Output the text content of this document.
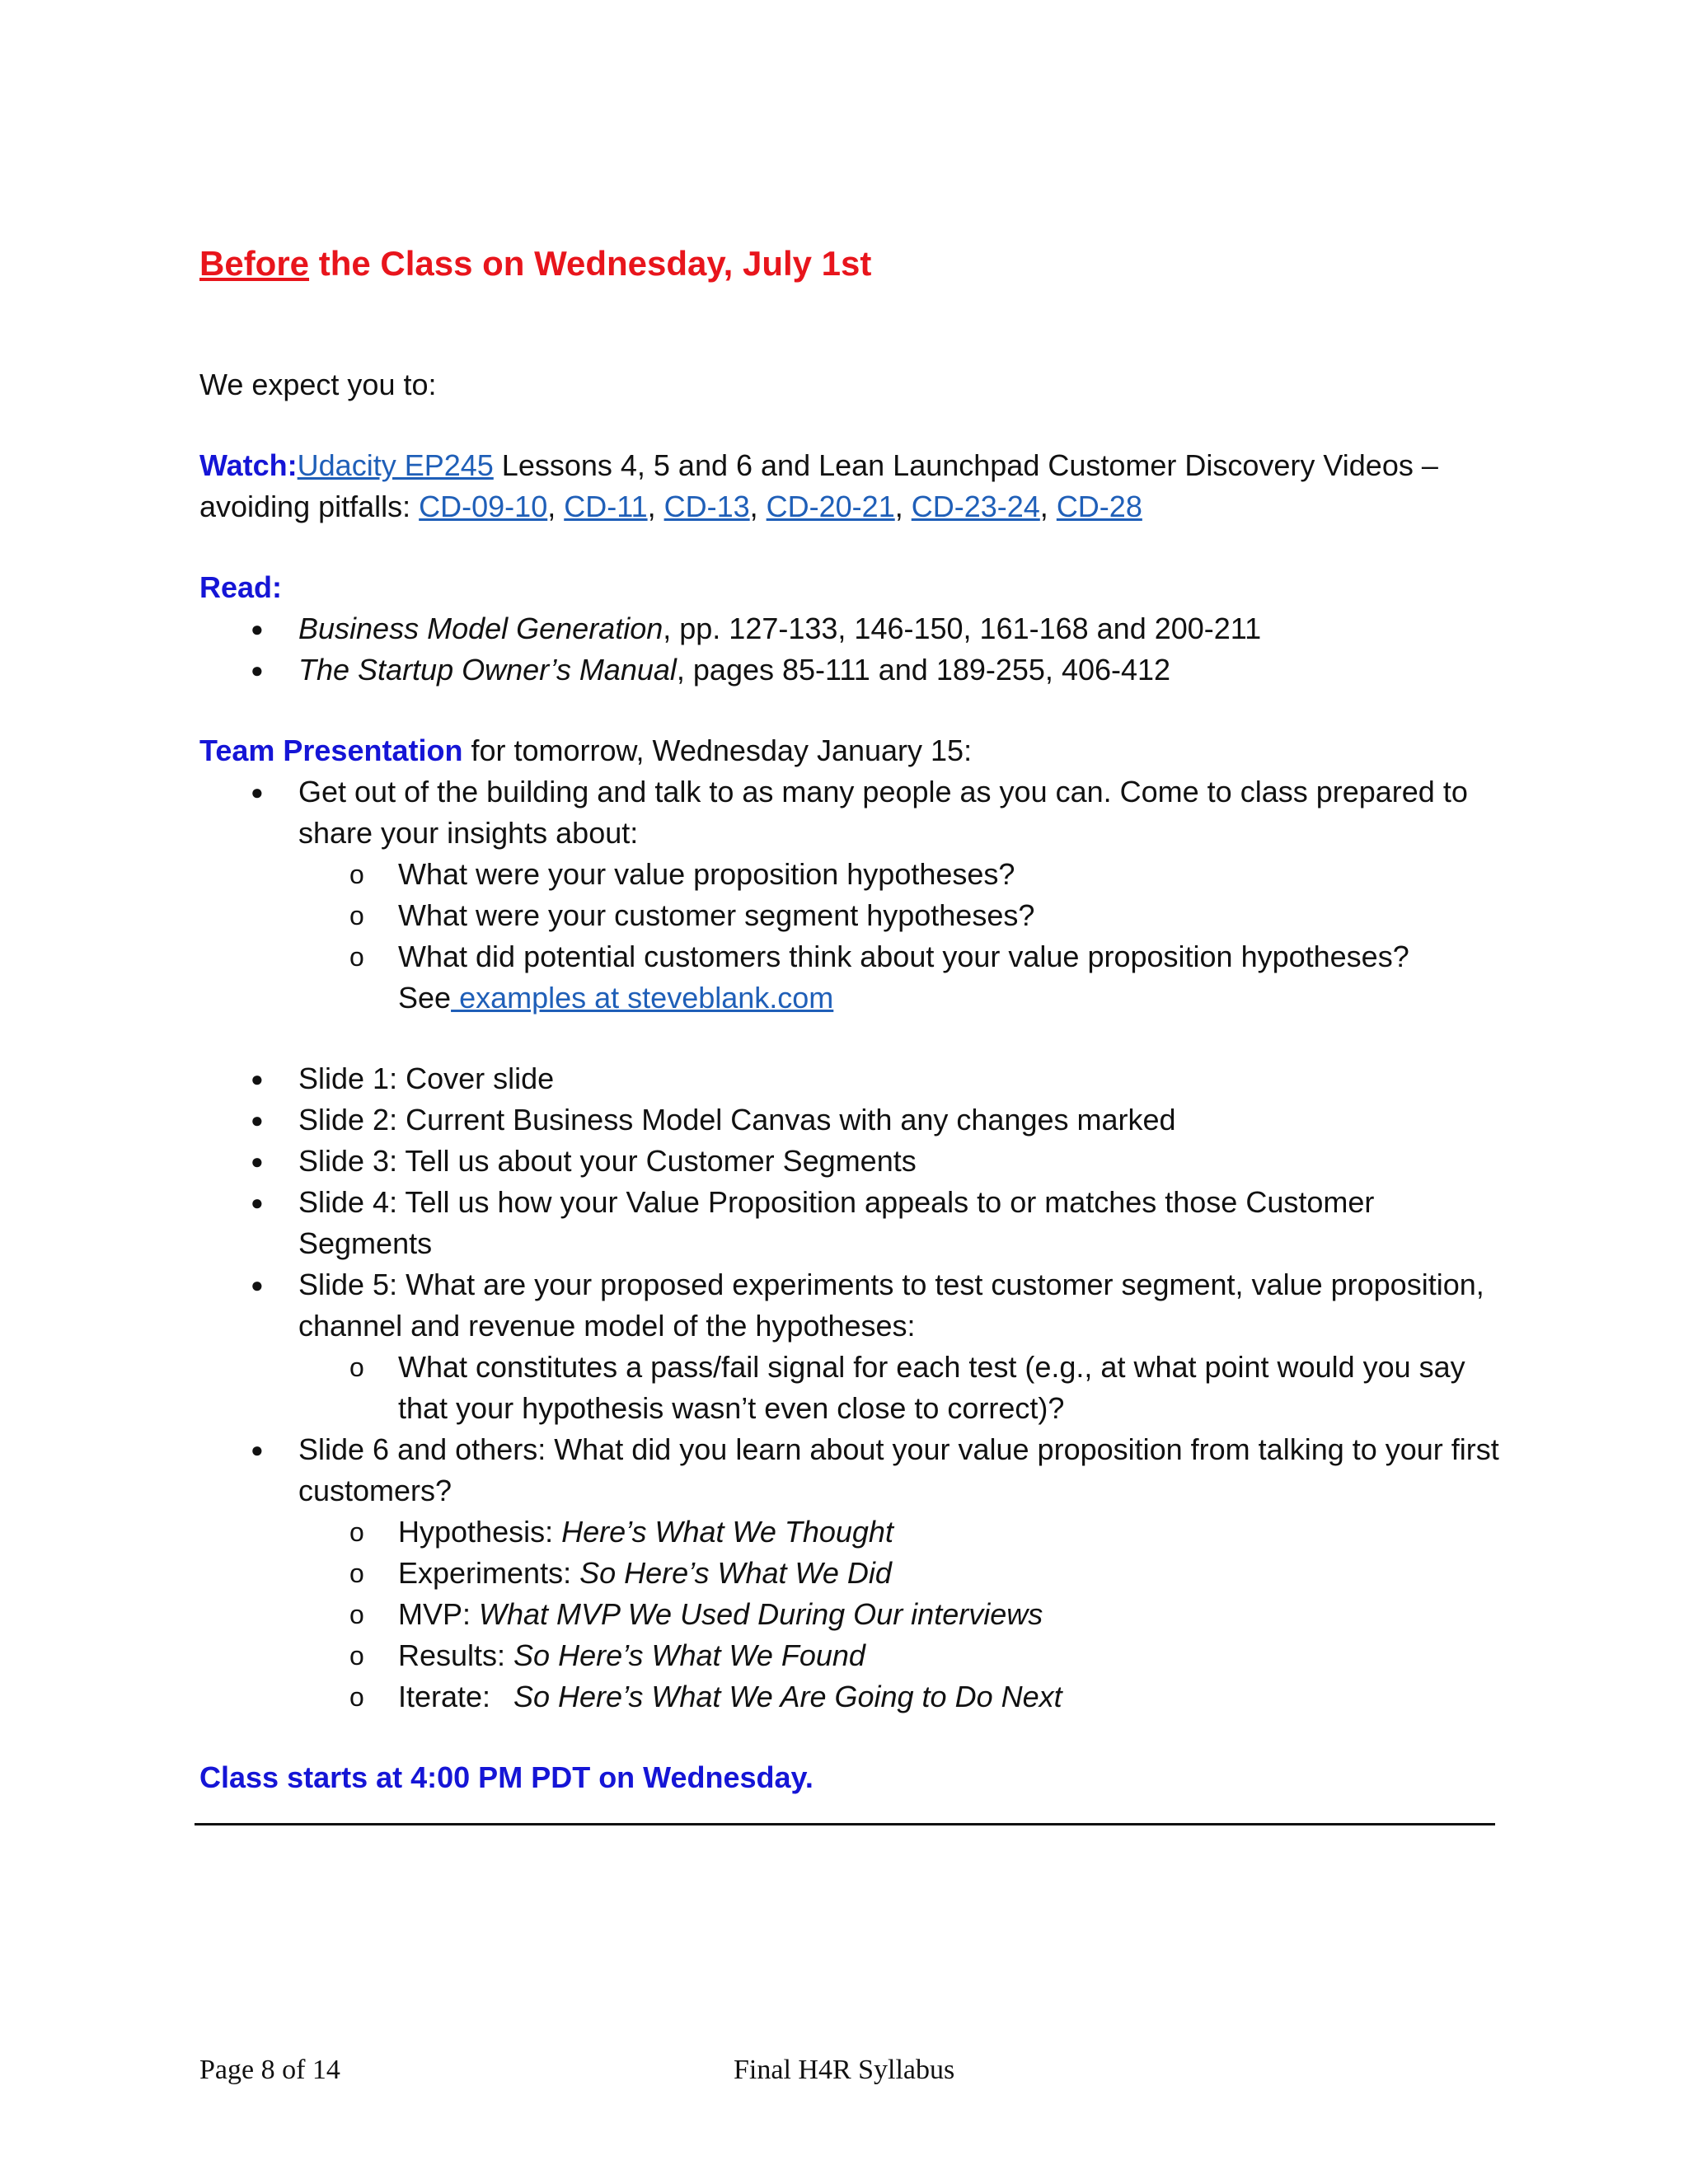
Before the Class on Wednesday, July 1st

We expect you to:

Watch:Udacity EP245 Lessons 4, 5 and 6 and Lean Launchpad Customer Discovery Videos –
avoiding pitfalls: CD-09-10, CD-11, CD-13, CD-20-21, CD-23-24, CD-28

Read:

● Business Model Generation, pp. 127-133, 146-150, 161-168 and 200-211
● The Startup Owner’s Manual, pages 85-111 and 189-255, 406-412

Team Presentation for tomorrow, Wednesday January 15:

● Get out of the building and talk to as many people as you can. Come to class prepared to share your insights about:
o What were your value proposition hypotheses?
o What were your customer segment hypotheses?
o What did potential customers think about your value proposition hypotheses?
See examples at steveblank.com
● Slide 1: Cover slide
● Slide 2: Current Business Model Canvas with any changes marked
● Slide 3: Tell us about your Customer Segments
● Slide 4: Tell us how your Value Proposition appeals to or matches those Customer Segments
● Slide 5: What are your proposed experiments to test customer segment, value proposition, channel and revenue model of the hypotheses:
o What constitutes a pass/fail signal for each test (e.g., at what point would you say that your hypothesis wasn’t even close to correct)?
● Slide 6 and others: What did you learn about your value proposition from talking to your first customers?
o Hypothesis: Here’s What We Thought
o Experiments: So Here’s What We Did
o MVP: What MVP We Used During Our interviews
o Results: So Here’s What We Found
o Iterate: So Here’s What We Are Going to Do Next

Class starts at 4:00 PM PDT on Wednesday.

Page 8 of 14	Final H4R Syllabus
